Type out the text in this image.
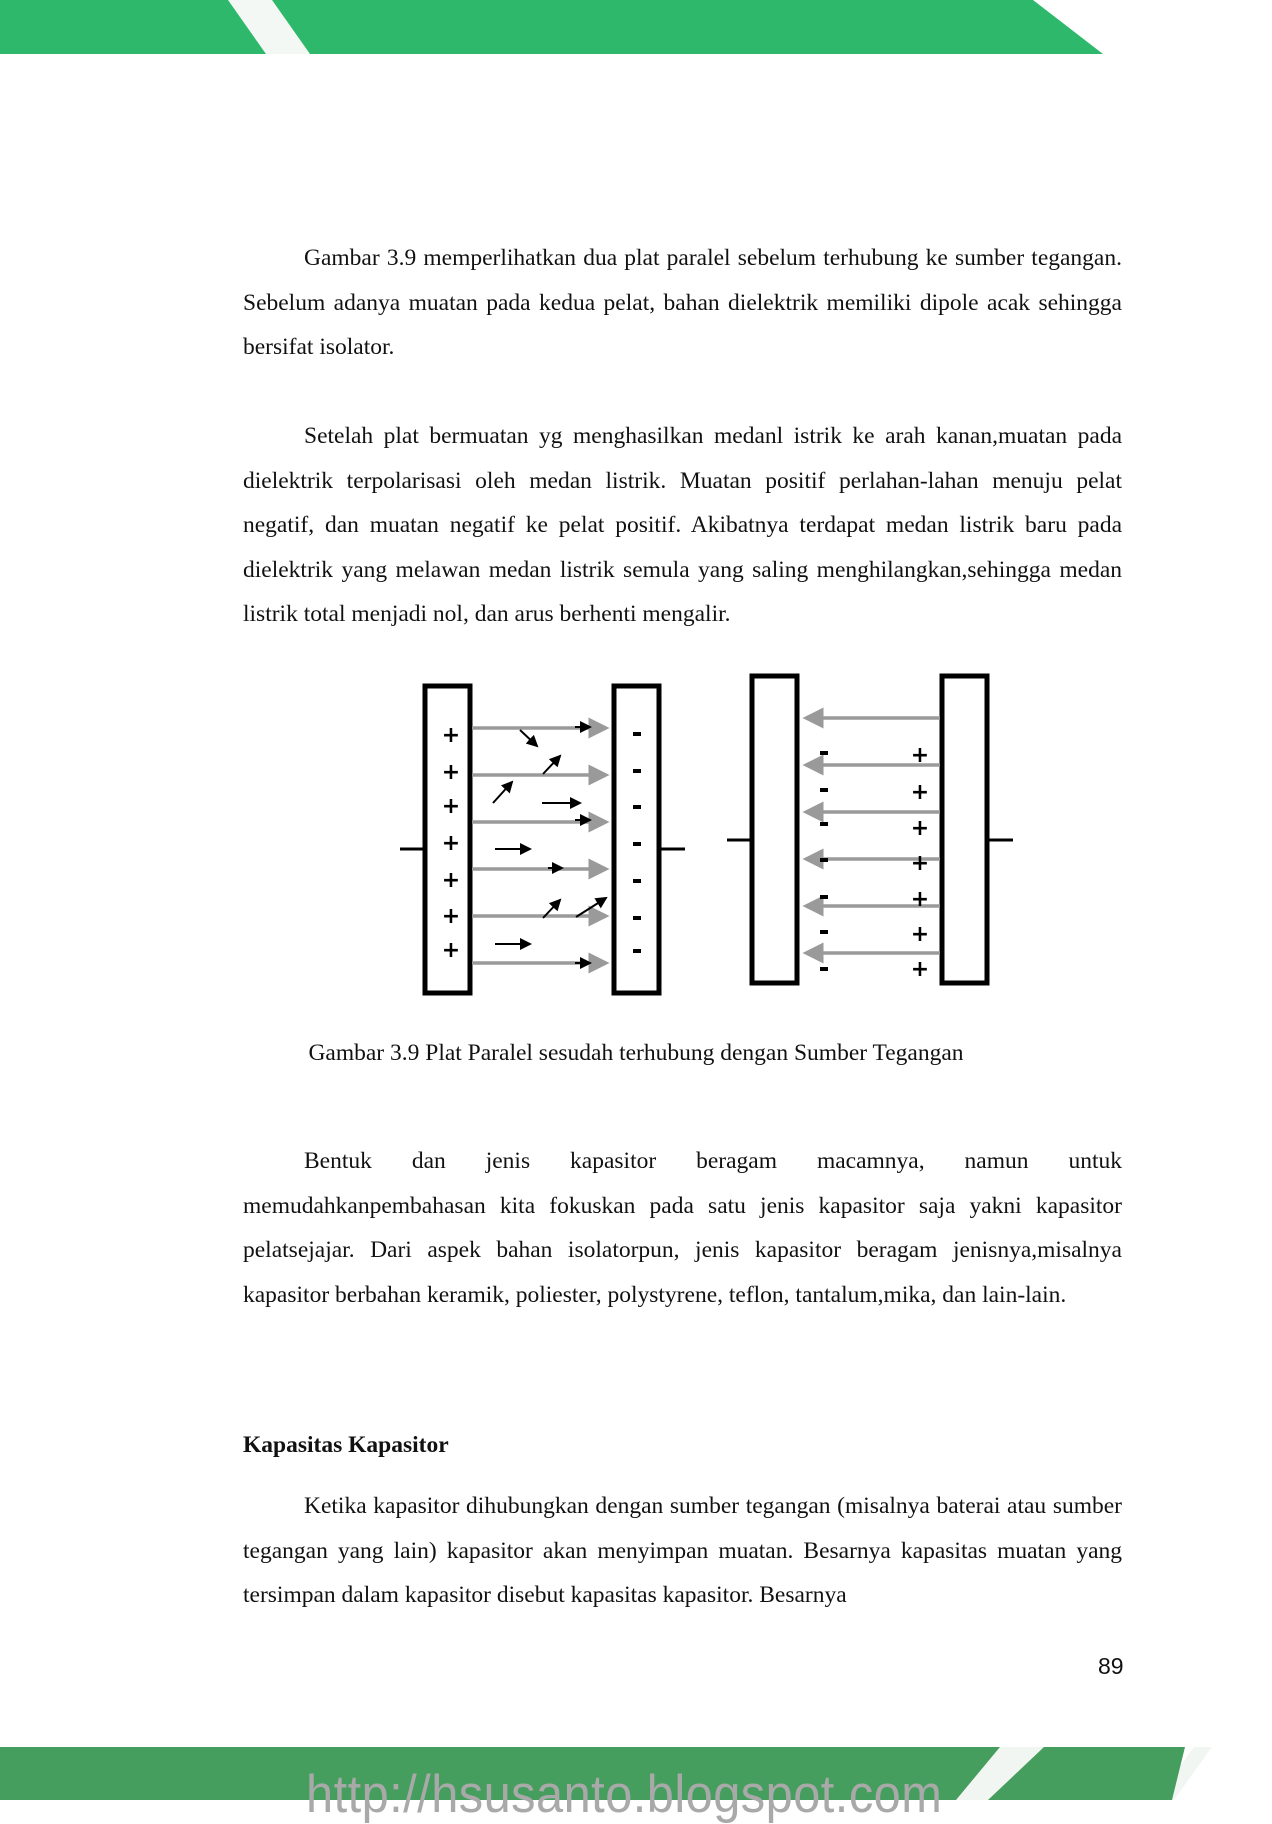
Gambar 3.9 memperlihatkan dua plat paralel sebelum terhubung ke sumber tegangan. Sebelum adanya muatan pada kedua pelat, bahan dielektrik memiliki dipole acak sehingga bersifat isolator.

Setelah plat bermuatan yg menghasilkan medanl istrik ke arah kanan,muatan pada dielektrik terpolarisasi oleh medan listrik. Muatan positif perlahan-lahan menuju pelat negatif, dan muatan negatif ke pelat positif. Akibatnya terdapat medan listrik baru pada dielektrik yang melawan medan listrik semula yang saling menghilangkan,sehingga medan listrik total menjadi nol, dan arus berhenti mengalir.

+
+
+
+
+
+
+
+
+
+
+
+
+
+
Gambar 3.9 Plat Paralel sesudah terhubung dengan Sumber Tegangan

Bentuk dan jenis kapasitor beragam macamnya, namun untuk memudahkanpembahasan kita fokuskan pada satu jenis kapasitor saja yakni kapasitor pelatsejajar. Dari aspek bahan isolatorpun, jenis kapasitor beragam jenisnya,misalnya kapasitor berbahan keramik, poliester, polystyrene, teflon, tantalum,mika, dan lain-lain.

Kapasitas Kapasitor

Ketika kapasitor dihubungkan dengan sumber tegangan (misalnya baterai atau sumber tegangan yang lain) kapasitor akan menyimpan muatan. Besarnya kapasitas muatan yang tersimpan dalam kapasitor disebut kapasitas kapasitor. Besarnya

89
http://hsusanto.blogspot.com
